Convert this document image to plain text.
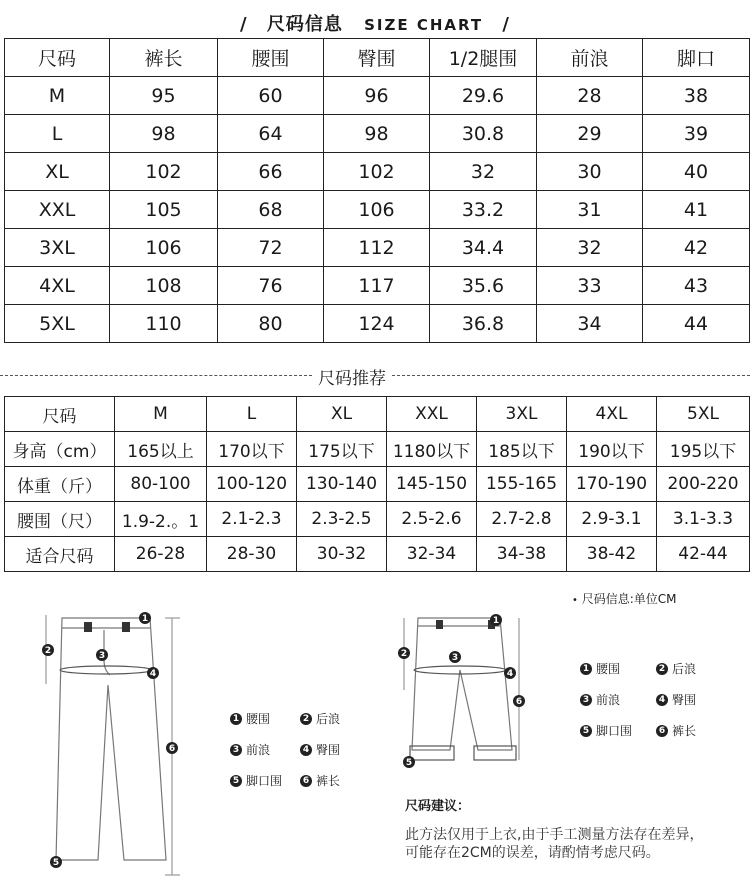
/ 尺码信息 SIZE CHART /
尺码	裤长	腰围	臀围	1/2腿围	前浪	脚口
M	95	60	96	29.6	28	38
L	98	64	98	30.8	29	39
XL	102	66	102	32	30	40
XXL	105	68	106	33.2	31	41
3XL	106	72	112	34.4	32	42
4XL	108	76	117	35.6	33	43
5XL	110	80	124	36.8	34	44
尺码推荐
尺码	M	L	XL	XXL	3XL	4XL	5XL
身高（cm）	165以上	170以下	175以下	1180以下	185以下	190以下	195以下
体重（斤）	80-100	100-120	130-140	145-150	155-165	170-190	200-220
腰围（尺）	1.9-2.。1	2.1-2.3	2.3-2.5	2.5-2.6	2.7-2.8	2.9-3.1	3.1-3.3
适合尺码	26-28	28-30	30-32	32-34	34-38	38-42	42-44
1
2	3
4
6
5
1
2	3
4
6
5
1 腰围	2 后浪
3 前浪	4 臀围
5 脚口围	6 裤长
• 尺码信息:单位CM
1 腰围	2 后浪
3 前浪	4 臀围
5 脚口围	6 裤长
尺码建议：
此方法仅用于上衣,由于手工测量方法存在差异，可能存在2CM的误差，请酌情考虑尺码。
